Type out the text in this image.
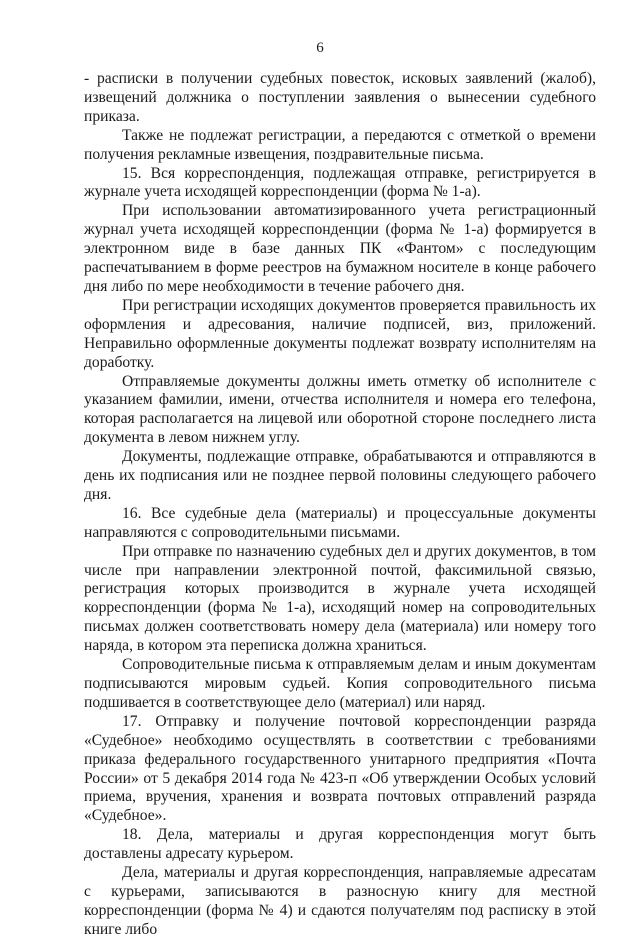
6

- расписки в получении судебных повесток, исковых заявлений (жалоб), извещений должника о поступлении заявления о вынесении судебного приказа.

Также не подлежат регистрации, а передаются с отметкой о времени получения рекламные извещения, поздравительные письма.

15. Вся корреспонденция, подлежащая отправке, регистрируется в журнале учета исходящей корреспонденции (форма № 1-а).

При использовании автоматизированного учета регистрационный журнал учета исходящей корреспонденции (форма № 1-а) формируется в электронном виде в базе данных ПК «Фантом» с последующим распечатыванием в форме реестров на бумажном носителе в конце рабочего дня либо по мере необходимости в течение рабочего дня.

При регистрации исходящих документов проверяется правильность их оформления и адресования, наличие подписей, виз, приложений. Неправильно оформленные документы подлежат возврату исполнителям на доработку.

Отправляемые документы должны иметь отметку об исполнителе с указанием фамилии, имени, отчества исполнителя и номера его телефона, которая располагается на лицевой или оборотной стороне последнего листа документа в левом нижнем углу.

Документы, подлежащие отправке, обрабатываются и отправляются в день их подписания или не позднее первой половины следующего рабочего дня.

16. Все судебные дела (материалы) и процессуальные документы направляются с сопроводительными письмами.

При отправке по назначению судебных дел и других документов, в том числе при направлении электронной почтой, факсимильной связью, регистрация которых производится в журнале учета исходящей корреспонденции (форма № 1-а), исходящий номер на сопроводительных письмах должен соответствовать номеру дела (материала) или номеру того наряда, в котором эта переписка должна храниться.

Сопроводительные письма к отправляемым делам и иным документам подписываются мировым судьей. Копия сопроводительного письма подшивается в соответствующее дело (материал) или наряд.

17. Отправку и получение почтовой корреспонденции разряда «Судебное» необходимо осуществлять в соответствии с требованиями приказа федерального государственного унитарного предприятия «Почта России» от 5 декабря 2014 года № 423-п «Об утверждении Особых условий приема, вручения, хранения и возврата почтовых отправлений разряда «Судебное».

18. Дела, материалы и другая корреспонденция могут быть доставлены адресату курьером.

Дела, материалы и другая корреспонденция, направляемые адресатам с курьерами, записываются в разносную книгу для местной корреспонденции (форма № 4) и сдаются получателям под расписку в этой книге либо
